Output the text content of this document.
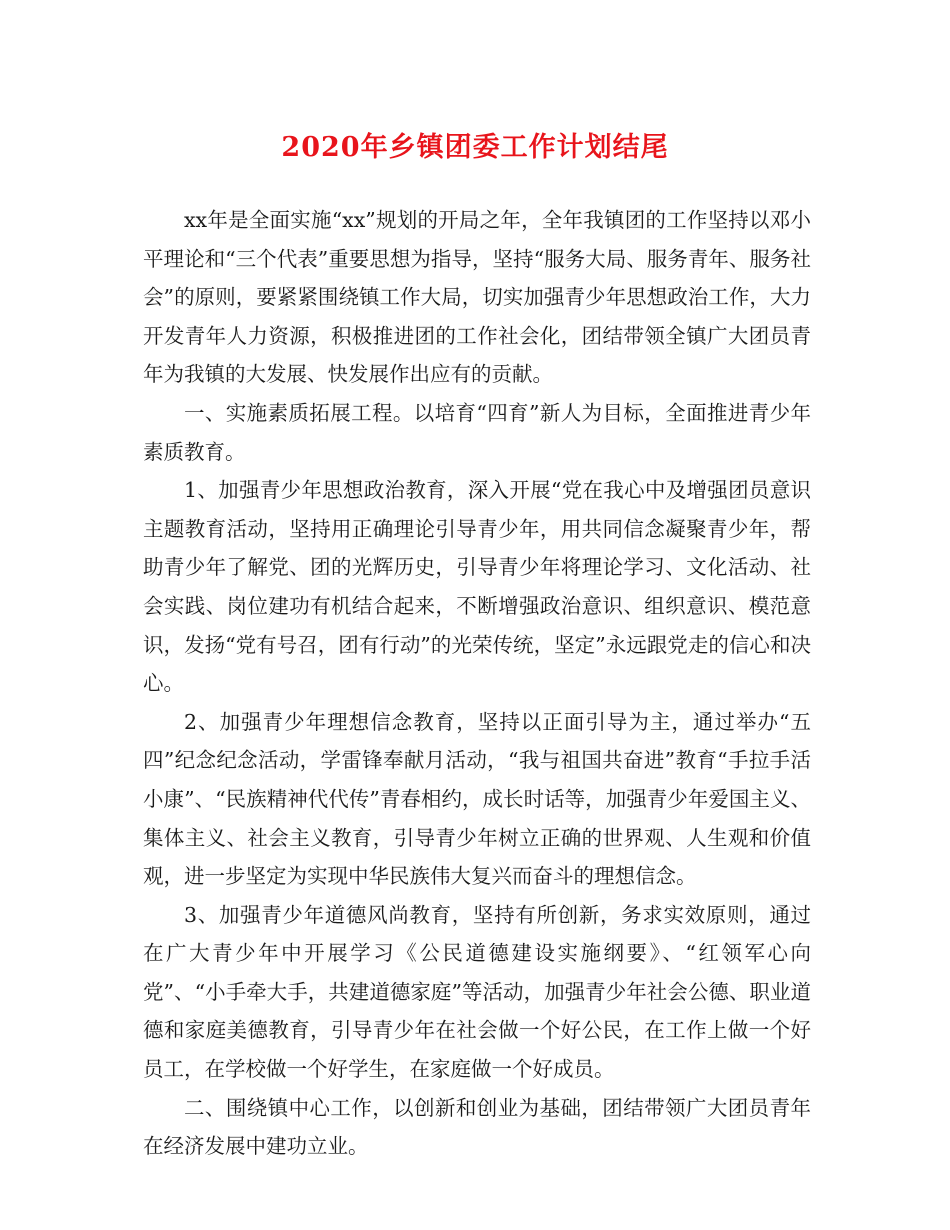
2020年乡镇团委工作计划结尾

xx年是全面实施“xx”规划的开局之年，全年我镇团的工作坚持以邓小平理论和“三个代表”重要思想为指导，坚持“服务大局、服务青年、服务社会”的原则，要紧紧围绕镇工作大局，切实加强青少年思想政治工作，大力开发青年人力资源，积极推进团的工作社会化，团结带领全镇广大团员青年为我镇的大发展、快发展作出应有的贡献。

一、实施素质拓展工程。以培育“四育”新人为目标，全面推进青少年素质教育。

1、加强青少年思想政治教育，深入开展“党在我心中及增强团员意识主题教育活动，坚持用正确理论引导青少年，用共同信念凝聚青少年，帮助青少年了解党、团的光辉历史，引导青少年将理论学习、文化活动、社会实践、岗位建功有机结合起来，不断增强政治意识、组织意识、模范意识，发扬“党有号召，团有行动”的光荣传统，坚定”永远跟党走的信心和决心。

2、加强青少年理想信念教育，坚持以正面引导为主，通过举办“五四”纪念纪念活动，学雷锋奉献月活动，“我与祖国共奋进”教育“手拉手活小康”、“民族精神代代传”青春相约，成长时话等，加强青少年爱国主义、集体主义、社会主义教育，引导青少年树立正确的世界观、人生观和价值观，进一步坚定为实现中华民族伟大复兴而奋斗的理想信念。

3、加强青少年道德风尚教育，坚持有所创新，务求实效原则，通过在广大青少年中开展学习《公民道德建设实施纲要》、“红领军心向党”、“小手牵大手，共建道德家庭”等活动，加强青少年社会公德、职业道德和家庭美德教育，引导青少年在社会做一个好公民，在工作上做一个好员工，在学校做一个好学生，在家庭做一个好成员。

二、围绕镇中心工作，以创新和创业为基础，团结带领广大团员青年在经济发展中建功立业。
